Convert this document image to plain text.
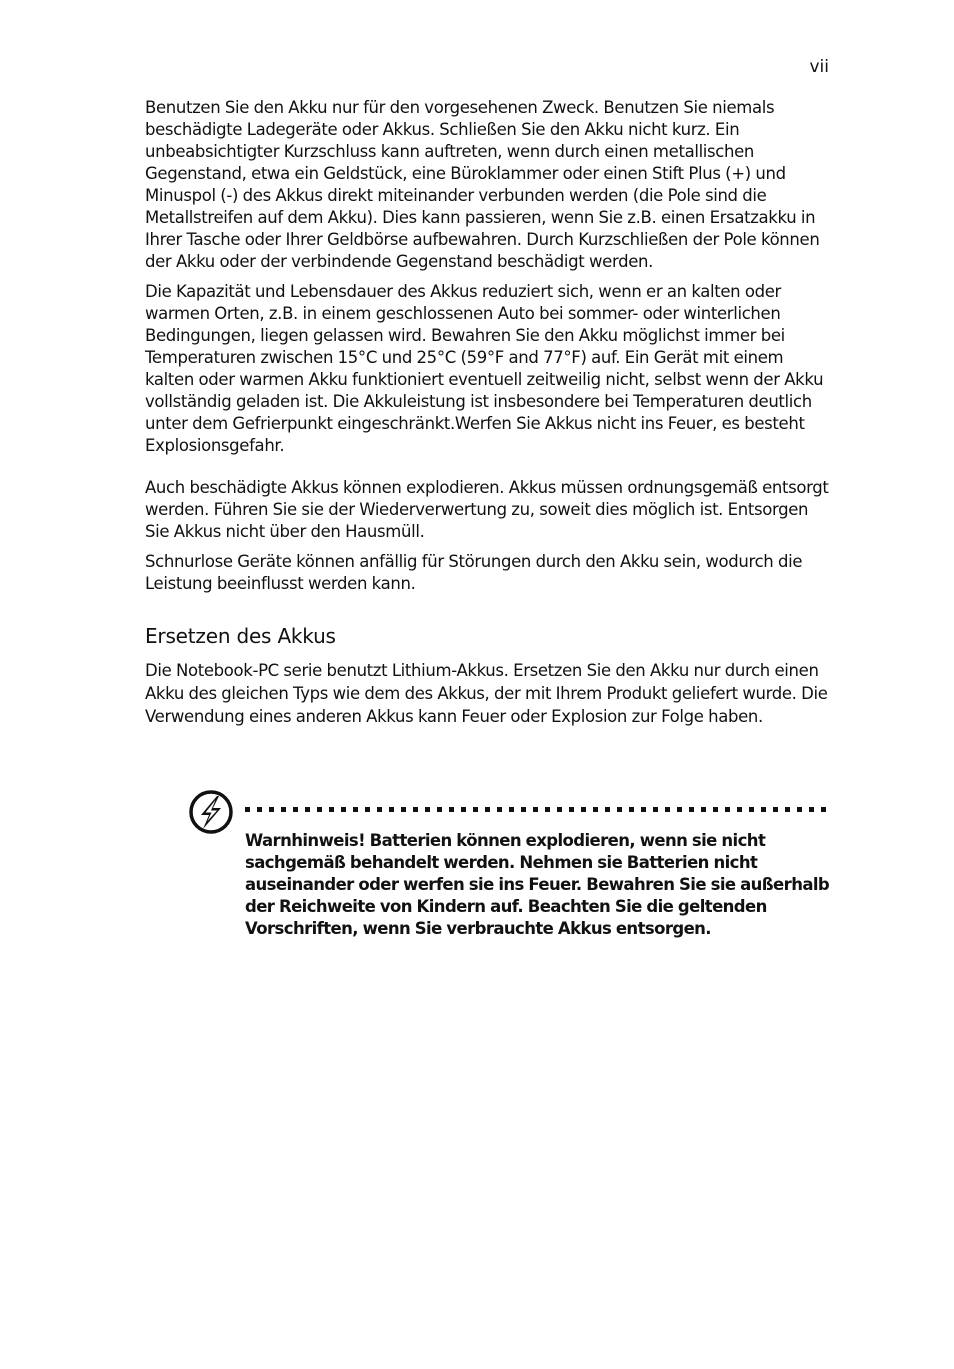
vii

Benutzen Sie den Akku nur für den vorgesehenen Zweck. Benutzen Sie niemals beschädigte Ladegeräte oder Akkus. Schließen Sie den Akku nicht kurz. Ein unbeabsichtigter Kurzschluss kann auftreten, wenn durch einen metallischen Gegenstand, etwa ein Geldstück, eine Büroklammer oder einen Stift Plus (+) und Minuspol (-) des Akkus direkt miteinander verbunden werden (die Pole sind die Metallstreifen auf dem Akku). Dies kann passieren, wenn Sie z.B. einen Ersatzakku in Ihrer Tasche oder Ihrer Geldbörse aufbewahren. Durch Kurzschließen der Pole können der Akku oder der verbindende Gegenstand beschädigt werden.

Die Kapazität und Lebensdauer des Akkus reduziert sich, wenn er an kalten oder warmen Orten, z.B. in einem geschlossenen Auto bei sommer- oder winterlichen Bedingungen, liegen gelassen wird. Bewahren Sie den Akku möglichst immer bei Temperaturen zwischen 15°C und 25°C (59°F and 77°F) auf. Ein Gerät mit einem kalten oder warmen Akku funktioniert eventuell zeitweilig nicht, selbst wenn der Akku vollständig geladen ist. Die Akkuleistung ist insbesondere bei Temperaturen deutlich unter dem Gefrierpunkt eingeschränkt.Werfen Sie Akkus nicht ins Feuer, es besteht Explosionsgefahr.

Auch beschädigte Akkus können explodieren. Akkus müssen ordnungsgemäß entsorgt werden. Führen Sie sie der Wiederverwertung zu, soweit dies möglich ist. Entsorgen Sie Akkus nicht über den Hausmüll.

Schnurlose Geräte können anfällig für Störungen durch den Akku sein, wodurch die Leistung beeinflusst werden kann.

Ersetzen des Akkus

Die Notebook-PC serie benutzt Lithium-Akkus. Ersetzen Sie den Akku nur durch einen Akku des gleichen Typs wie dem des Akkus, der mit Ihrem Produkt geliefert wurde. Die Verwendung eines anderen Akkus kann Feuer oder Explosion zur Folge haben.

Warnhinweis! Batterien können explodieren, wenn sie nicht sachgemäß behandelt werden. Nehmen sie Batterien nicht auseinander oder werfen sie ins Feuer. Bewahren Sie sie außerhalb der Reichweite von Kindern auf. Beachten Sie die geltenden Vorschriften, wenn Sie verbrauchte Akkus entsorgen.
